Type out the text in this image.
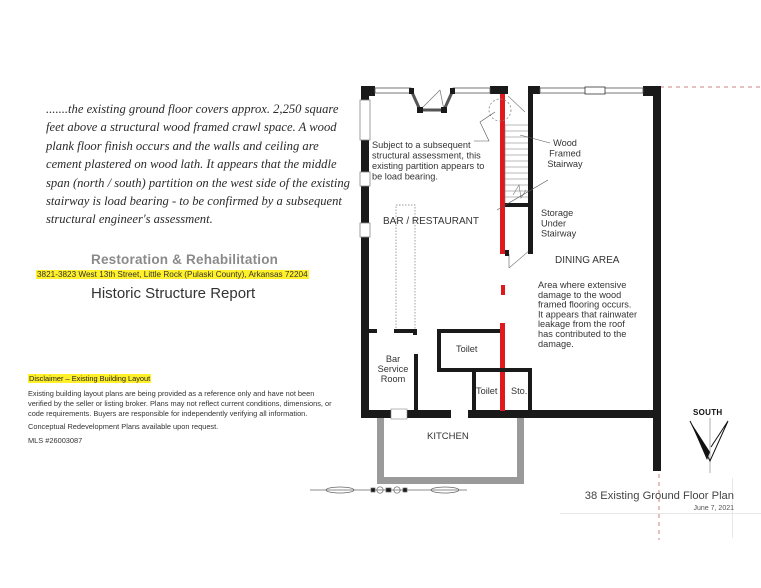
.......the existing ground floor covers approx. 2,250 square feet above a structural wood framed crawl space. A wood plank floor finish occurs and the walls and ceiling are cement plastered on wood lath. It appears that the middle span (north / south) partition on the west side of the existing stairway is load bearing - to be confirmed by a subsequent structural engineer's assessment.
Restoration & Rehabilitation
3821-3823 West 13th Street, Little Rock (Pulaski County), Arkansas 72204
Historic Structure Report
Disclaimer – Existing Building Layout
Existing building layout plans are being provided as a reference only and have not been verified by the seller or listing broker. Plans may not reflect current conditions, dimensions, or code requirements. Buyers are responsible for independently verifying all information.
Conceptual Redevelopment Plans available upon request.
MLS #26003087
Subject to a subsequent structural assessment, this existing partition appears to be load bearing.
Wood Framed Stairway
Storage Under Stairway
BAR / RESTAURANT
DINING AREA
Area where extensive damage to the wood framed flooring occurs. It appears that rainwater leakage from the roof has contributed to the damage.
Bar Service Room
Toilet
Toilet Sto.
KITCHEN
SOUTH
38 Existing Ground Floor Plan
June 7, 2021
